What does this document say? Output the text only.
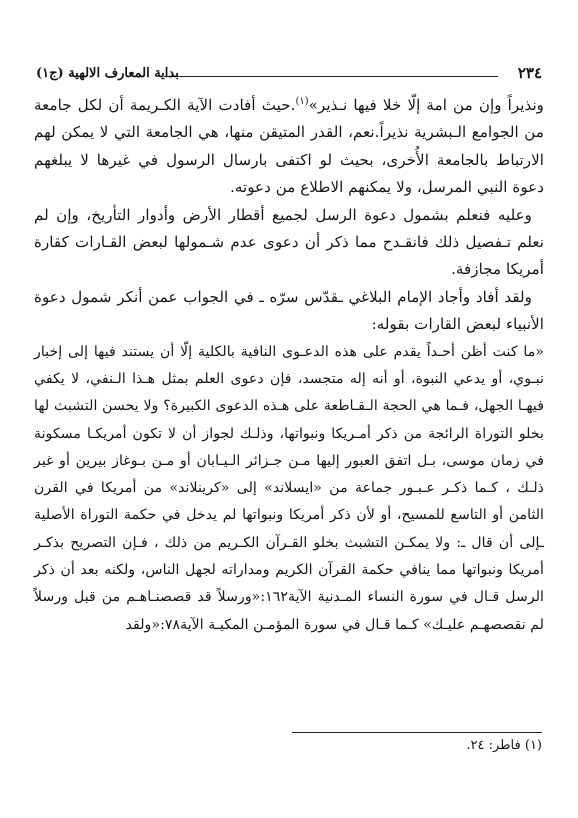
٢٣٤
بداية المعارف الالهية (ج١)

ونذيراً وإن من امة إلّا خلا فيها نـذير»$^{(١)}$.حيث أفادت الآية الكـريمة أن لكل جامعة من الجوامع الـبشرية نذيراً.نعم، القدر المتيقن منها، هي الجامعة التي لا يمكن لهم الارتباط بالجامعة الأُخرى، بحيث لو اكتفى بارسال الرسول في غيرها لا يبلغهم دعوة النبي المرسل، ولا يمكنهم الاطلاع من دعوته.

وعليه فنعلم بشمول دعوة الرسل لجميع أقطار الأرض وأدوار التأريخ، وإن لم نعلم تـفصيل ذلك فانقـدح مما ذكر أن دعوى عدم شـمولها لبعض القـارات كقارة أمريكا مجازفة.

ولقد أفاد وأجاد الإمام البلاغي ـقدّس سرّه ـ في الجواب عمن أنكر شمول دعوة الأنبياء لبعض القارات بقوله:

«ما كنت أظن أحـداً يقدم على هذه الدعـوى النافية بالكلية إلّا أن يستند فيها إلى إخبار نبـوي، أو يدعي النبوة، أو أنه إله متجسد، فإن دعوى العلم بمثل هـذا الـنفي، لا يكفي فيهـا الجهل، فـما هي الحجة الـقـاطعة على هـذه الدعوى الكبيرة؟ ولا يحسن التشبث لها بخلو التوراة الرائجة من ذكر أمـريكا ونبواتها، وذلـك لجواز أن لا تكون أمريكـا مسكونة في زمان موسى، بـل اتفق العبور إليها مـن جـزائر الـيـابان أو مـن بـوغاز بيرين أو غير ذلـك ، كـما ذكـر عـبـور جماعة من «ايسلاند» إلى «كرينلاند» من أمريكا في القرن الثامن أو التاسع للمسيح، أو لأن ذكر أمريكا ونبواتها لم يدخل في حكمة التوراة الأصلية ـإلى أن قال ـ: ولا يمكـن التشبث بخلو القـرآن الكـريم من ذلك ، فـإن التصريح بذكـر أمريكا ونبواتها مما ينافي حكمة القرآن الكريم ومداراته لجهل الناس، ولكنه بعد أن ذكر الرسل قـال في سورة النساء المـدنية الآية١٦٢:«ورسلاً قد قصصنـاهـم من قبل ورسلاً لم نقصصهـم عليـك» كـما قـال في سورة المؤمـن المكيـة الآية٧٨:«ولقد

(١) فاطر: ٢٤.
